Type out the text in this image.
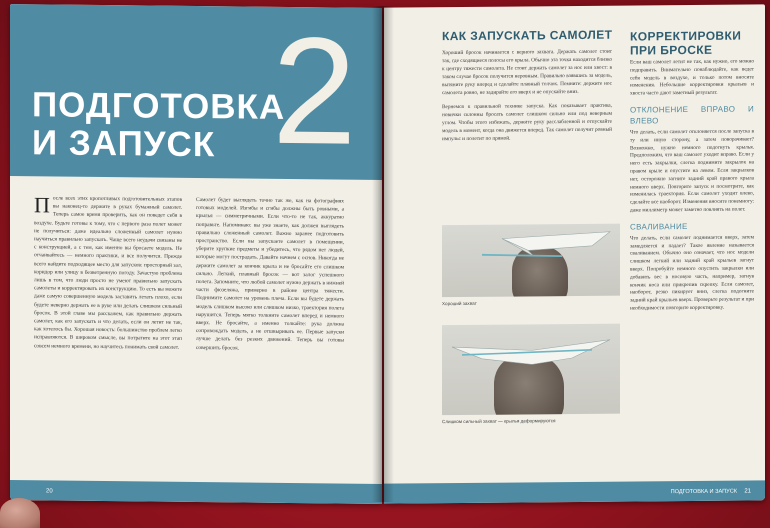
2
ПОДГОТОВКА И ЗАПУСК
П осле всех этих кропотливых подготовительных этапов вы наконец-то держите в руках бумажный самолет. Теперь самое время проверить, как он поведет себя в воздухе. Будьте готовы к тому, что с первого раза полет может не получиться: даже идеально сложенный самолет нужно научиться правильно запускать. Чаще всего неудачи связаны не с конструкцией, а с тем, как именно вы бросаете модель. Не отчаивайтесь — немного практики, и все получится. Прежде всего найдите подходящее место для запусков: просторный зал, коридор или улицу в безветренную погоду. Зачастую проблема лишь в том, что люди просто не умеют правильно запускать самолеты и корректировать их конструкцию. То есть вы можете даже самую совершенную модель заставить летать плохо, если будете неверно держать ее в руке или делать слишком сильный бросок. В этой главе мы расскажем, как правильно держать самолет, как его запускать и что делать, если он летит не так, как хотелось бы. Хорошая новость: большинство проблем легко исправляются. В широком смысле, вы потратите на этот этап совсем немного времени, но научитесь понимать свой самолет.
Самолет будет выглядеть точно так же, как на фотографиях готовых моделей. Изгибы и сгибы должны быть ровными, а крылья — симметричными. Если что-то не так, аккуратно поправьте. Напоминаю: вы уже знаете, как должен выглядеть правильно сложенный самолет. Важно заранее подготовить пространство. Если вы запускаете самолет в помещении, уберите хрупкие предметы и убедитесь, что рядом нет людей, которые могут пострадать. Давайте начнем с основ. Никогда не держите самолет за кончик крыла и не бросайте его слишком сильно. Легкий, плавный бросок — вот залог успешного полета. Запомните, что любой самолет нужно держать в нижней части фюзеляжа, примерно в районе центра тяжести. Поднимите самолет на уровень плеча. Если вы будете держать модель слишком высоко или слишком низко, траектория полета нарушится. Теперь мягко толкните самолет вперед и немного вверх. Не бросайте, а именно толкайте: рука должна сопровождать модель, а не отшвыривать ее. Первые запуски лучше делать без резких движений. Теперь вы готовы совершить бросок.
20
КАК ЗАПУСКАТЬ САМОЛЕТ

Хороший бросок начинается с верного захвата. Держать самолет стоит так, где сходящиеся полосы его крыла. Обычно эта точка находится близко к центру тяжести самолета. Не стоит держать самолет за нос или хвост: в таком случае бросок получится неровным. Правильно взявшись за модель, вытяните руку вперед и сделайте плавный толчок. Помните: держите нос самолета ровно, не задирайте его вверх и не опускайте вниз.

Вернемся к правильной технике запуска. Как показывает практика, новички склонны бросать самолет слишком сильно или под неверным углом. Чтобы этого избежать, держите руку расслабленной и отпускайте модель в момент, когда она движется вперед. Так самолет получит ровный импульс и полетит по прямой.

Хороший захват
Слишком сильный захват — крылья деформируются
КОРРЕКТИРОВКИ ПРИ БРОСКЕ

Если ваш самолет летит не так, как нужно, его можно подправить. Внимательно понаблюдайте, как ведет себя модель в воздухе, и только потом вносите изменения. Небольшие корректировки крыльев и хвоста часто дают заметный результат.

ОТКЛОНЕНИЕ ВПРАВО И ВЛЕВО

Что делать, если самолет отклоняется после запуска в ту или иную сторону, а затем поворачивает? Возможно, нужно немного подогнуть крылья. Предположим, что ваш самолет уходит вправо. Если у него есть закрылки, слегка поднимите закрылок на правом крыле и опустите на левом. Если закрылков нет, осторожно загните задний край правого крыла немного вверх. Повторите запуск и посмотрите, как изменилась траектория. Если самолет уходит влево, сделайте все наоборот. Изменения вносите понемногу: даже миллиметр может заметно повлиять на полет.

СВАЛИВАНИЕ

Что делать, если самолет поднимается вверх, затем замедляется и падает? Такое явление называется сваливанием. Обычно оно означает, что нос модели слишком легкий или задний край крыльев загнут вверх. Попробуйте немного опустить закрылки или добавить вес в носовую часть, например, загнув кончик носа или прикрепив скрепку. Если самолет, наоборот, резко пикирует вниз, слегка подогните задний край крыльев вверх. Проверьте результат и при необходимости повторите корректировку.

ПОДГОТОВКА И ЗАПУСК 21
